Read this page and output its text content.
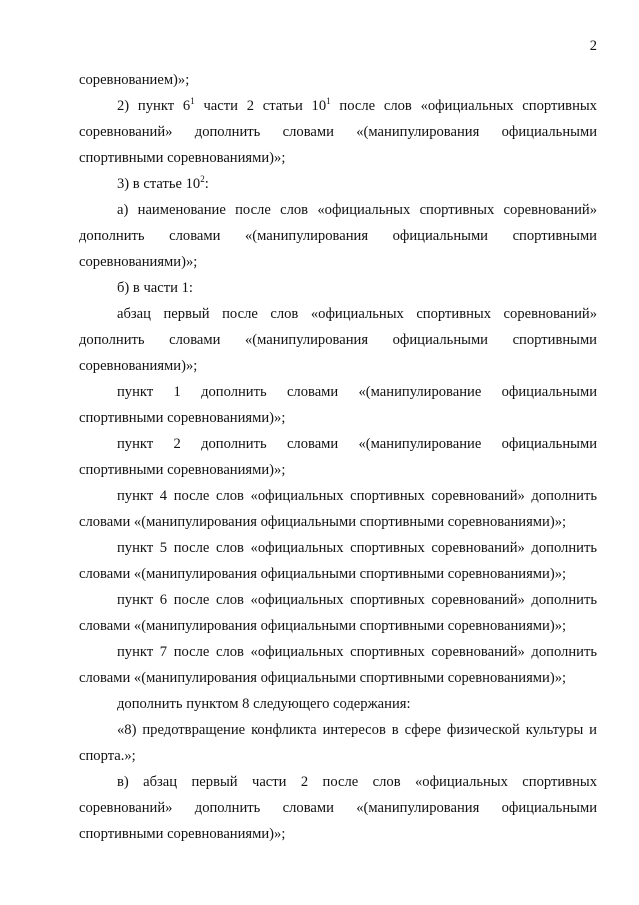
2

соревнованием)»;

2) пункт $6^1$ части 2 статьи $10^1$ после слов «официальных спортивных соревнований» дополнить словами «(манипулирования официальными спортивными соревнованиями)»;

3) в статье $10^2$:

а) наименование после слов «официальных спортивных соревнований» дополнить словами «(манипулирования официальными спортивными соревнованиями)»;

б) в части 1:

абзац первый после слов «официальных спортивных соревнований» дополнить словами «(манипулирования официальными спортивными соревнованиями)»;

пункт 1 дополнить словами «(манипулирование официальными спортивными соревнованиями)»;

пункт 2 дополнить словами «(манипулирование официальными спортивными соревнованиями)»;

пункт 4 после слов «официальных спортивных соревнований» дополнить словами «(манипулирования официальными спортивными соревнованиями)»;

пункт 5 после слов «официальных спортивных соревнований» дополнить словами «(манипулирования официальными спортивными соревнованиями)»;

пункт 6 после слов «официальных спортивных соревнований» дополнить словами «(манипулирования официальными спортивными соревнованиями)»;

пункт 7 после слов «официальных спортивных соревнований» дополнить словами «(манипулирования официальными спортивными соревнованиями)»;

дополнить пунктом 8 следующего содержания:

«8) предотвращение конфликта интересов в сфере физической культуры и спорта.»;

в) абзац первый части 2 после слов «официальных спортивных соревнований» дополнить словами «(манипулирования официальными спортивными соревнованиями)»;
